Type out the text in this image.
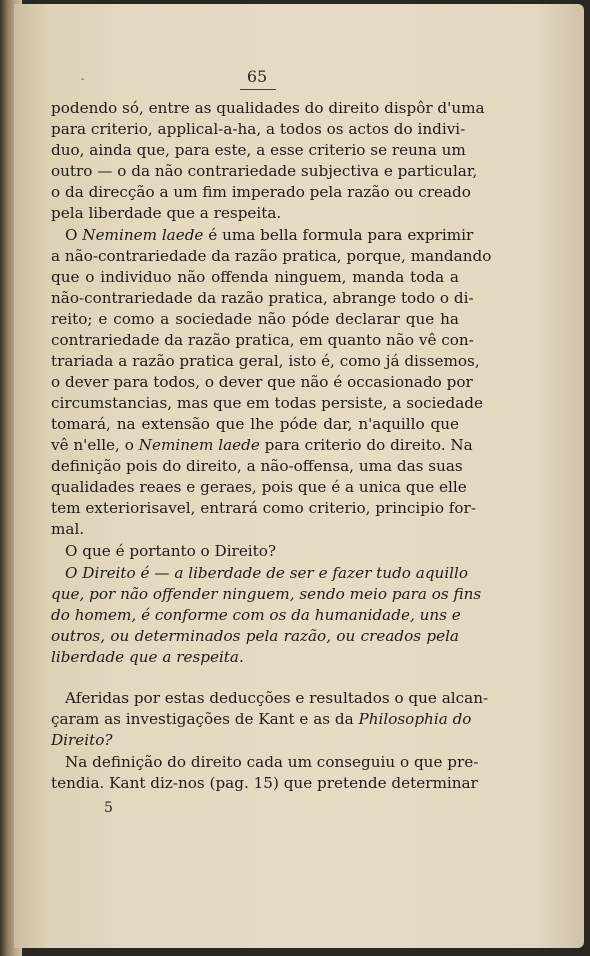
-	65
podendo só, entre as qualidades do direito dispôr d'uma
para criterio, applical-a-ha, a todos os actos do indivi-
duo, ainda que, para este, a esse criterio se reuna um
outro — o da não contrariedade subjectiva e particular,
o da direcção a um fim imperado pela razão ou creado
pela liberdade que a respeita.
O Neminem laede é uma bella formula para exprimir
a não-contrariedade da razão pratica, porque, mandando
que o individuo não offenda ninguem, manda toda a
não-contrariedade da razão pratica, abrange todo o di-
reito; e como a sociedade não póde declarar que ha
contrariedade da razão pratica, em quanto não vê con-
trariada a razão pratica geral, isto é, como já dissemos,
o dever para todos, o dever que não é occasionado por
circumstancias, mas que em todas persiste, a sociedade
tomará, na extensão que lhe póde dar, n'aquillo que
vê n'elle, o Neminem laede para criterio do direito. Na
definição pois do direito, a não-offensa, uma das suas
qualidades reaes e geraes, pois que é a unica que elle
tem exteriorisavel, entrará como criterio, principio for-
mal.
O que é portanto o Direito?
O Direito é — a liberdade de ser e fazer tudo aquillo
que, por não offender ninguem, sendo meio para os fins
do homem, é conforme com os da humanidade, uns e
outros, ou determinados pela razão, ou creados pela
liberdade que a respeita.
Aferidas por estas deducções e resultados o que alcan-
çaram as investigações de Kant e as da Philosophia do
Direito?
Na definição do direito cada um conseguiu o que pre-
tendia. Kant diz-nos (pag. 15) que pretende determinar
5
